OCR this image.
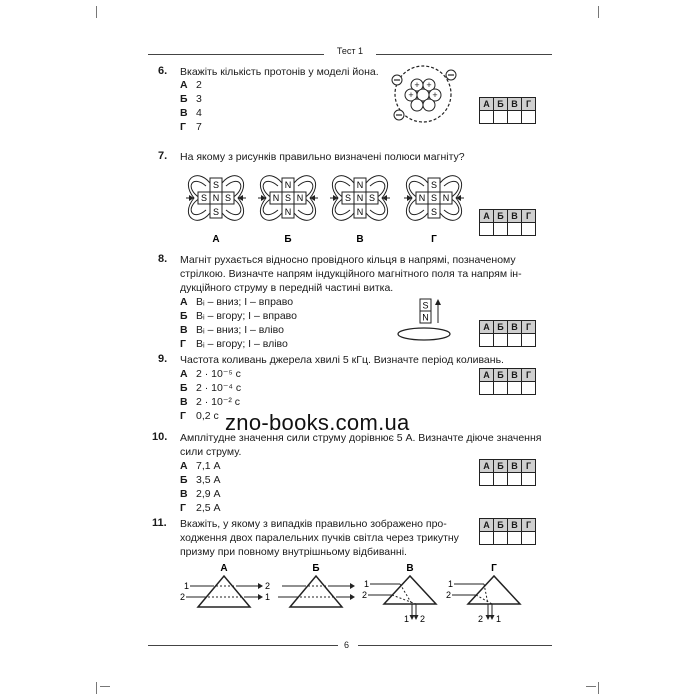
Тест 1
6. Вкажіть кількість протонів у моделі йона.
А 2
Б 3
В 4
Г 7
+ +
+ +
А	Б	В	Г

7. На якому з рисунків правильно визначені полюси магніту?
S
S N S
S
А
N
N S N
N
Б
N
S N S
N
В
S
N S N
S
Г
А	Б	В	Г

8. Магніт рухається відносно провідного кільця в напрямі, позначеному
стрілкою. Визначте напрям індукційного магнітного поля та напрям ін-
дукційного струму в передній частині витка.
А Bᵢ – вниз; I – вправо
Б Bᵢ – вгору; I – вправо
В Bᵢ – вниз; I – вліво
Г Bᵢ – вгору; I – вліво
S
N
А	Б	В	Г

9. Частота коливань джерела хвилі 5 кГц. Визначте період коливань.
А 2 · 10⁻⁵ с
Б 2 · 10⁻⁴ с
В 2 · 10⁻² с
Г 0,2 с
А	Б	В	Г

10. Амплітудне значення сили струму дорівнює 5 А. Визначте діюче значення
сили струму.
А 7,1 А
Б 3,5 А
В 2,9 А
Г 2,5 А
А	Б	В	Г

zno-books.com.ua
11. Вкажіть, у якому з випадків правильно зображено про-
ходження двох паралельних пучків світла через трикутну
призму при повному внутрішньому відбиванні.
А	Б	В	Г

А
1
2
2
1
Б	В
1
2
1 2
Г
1
2
2 1
6
